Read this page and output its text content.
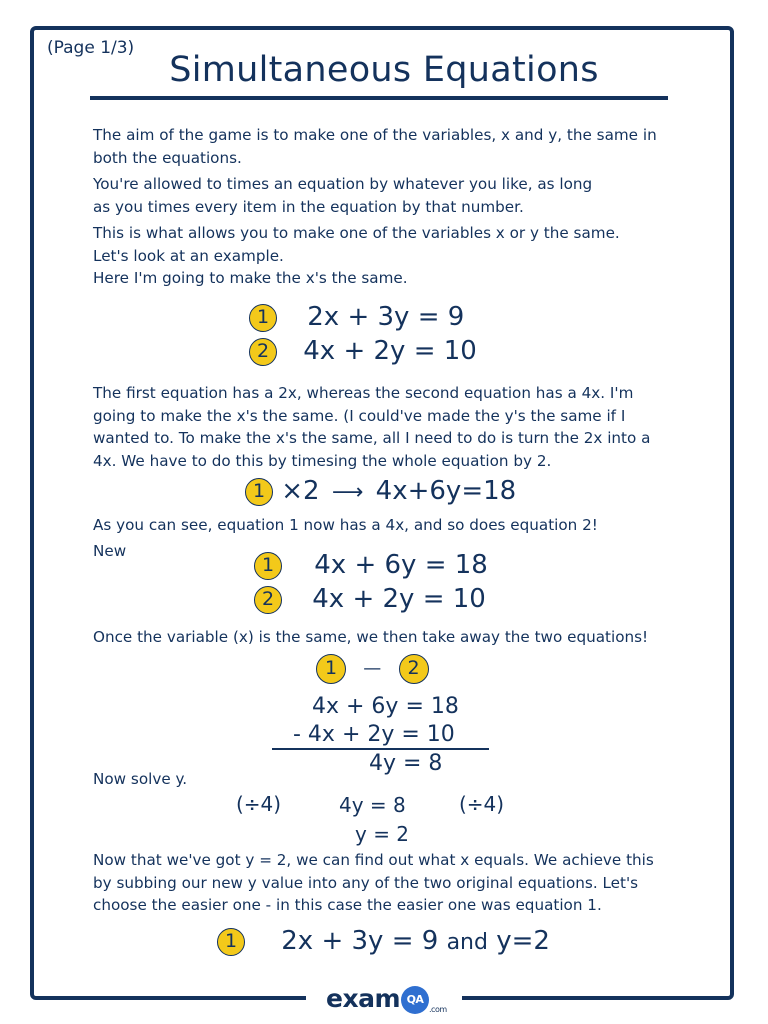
(Page 1/3)
Simultaneous Equations
The aim of the game is to make one of the variables, x and y, the same in
both the equations.
You're allowed to times an equation by whatever you like, as long
as you times every item in the equation by that number.
This is what allows you to make one of the variables x or y the same.
Let's look at an example.
Here I'm going to make the x's the same.
1 2x + 3y = 9
2 4x + 2y = 10
The first equation has a 2x, whereas the second equation has a 4x. I'm
going to make the x's the same. (I could've made the y's the same if I
wanted to. To make the x's the same, all I need to do is turn the 2x into a
4x. We have to do this by timesing the whole equation by 2.
1 ×2 ⟶ 4x+6y=18
As you can see, equation 1 now has a 4x, and so does equation 2!
New
1 4x + 6y = 18
2 4x + 2y = 10
Once the variable (x) is the same, we then take away the two equations!
1 — 2
4x + 6y = 18
- 4x + 2y = 10
4y = 8
Now solve y.
(÷4)	4y = 8	(÷4)
y = 2
Now that we've got y = 2, we can find out what x equals. We achieve this
by subbing our new y value into any of the two original equations. Let's
choose the easier one - in this case the easier one was equation 1.
1 2x + 3y = 9 and y=2
exam QA.com
